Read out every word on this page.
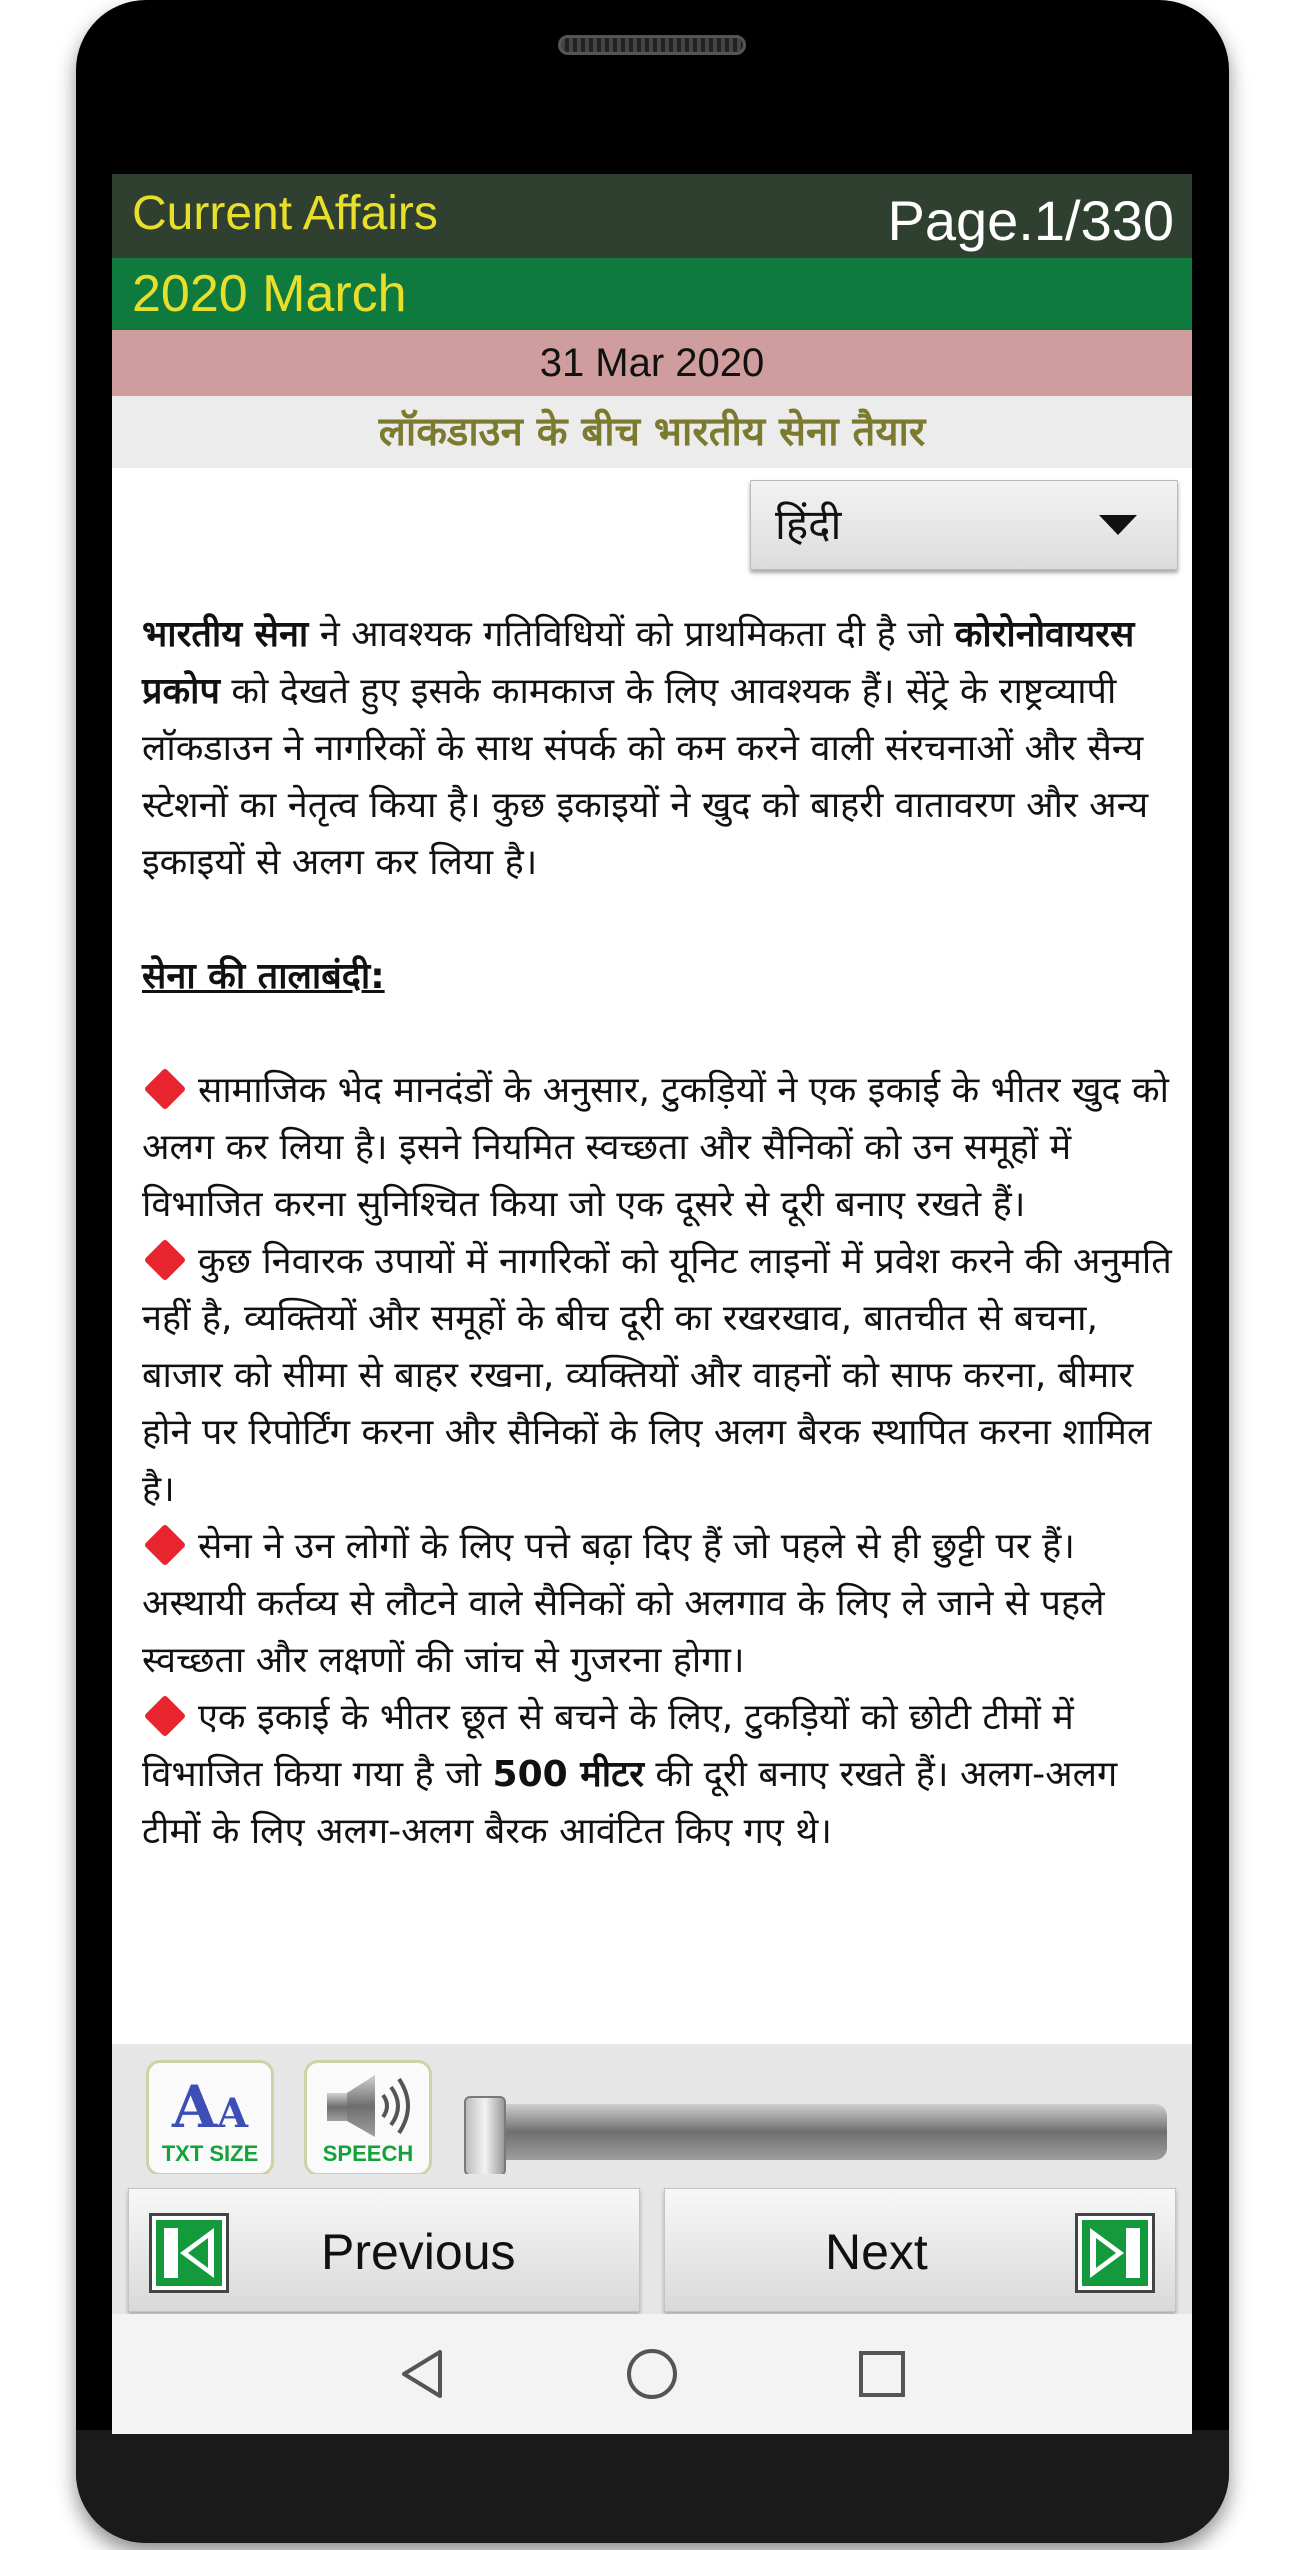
Current Affairs	Page.1/330
2020 March
31 Mar 2020
लॉकडाउन के बीच भारतीय सेना तैयार
हिंदी

भारतीय सेना ने आवश्यक गतिविधियों को प्राथमिकता दी है जो कोरोनोवायरस प्रकोप को देखते हुए इसके कामकाज के लिए आवश्यक हैं। सेंट्रे के राष्ट्रव्यापी लॉकडाउन ने नागरिकों के साथ संपर्क को कम करने वाली संरचनाओं और सैन्य स्टेशनों का नेतृत्व किया है। कुछ इकाइयों ने खुद को बाहरी वातावरण और अन्य इकाइयों से अलग कर लिया है।

सेना की तालाबंदी:

सामाजिक भेद मानदंडों के अनुसार, टुकड़ियों ने एक इकाई के भीतर खुद को अलग कर लिया है। इसने नियमित स्वच्छता और सैनिकों को उन समूहों में विभाजित करना सुनिश्चित किया जो एक दूसरे से दूरी बनाए रखते हैं।

कुछ निवारक उपायों में नागरिकों को यूनिट लाइनों में प्रवेश करने की अनुमति नहीं है, व्यक्तियों और समूहों के बीच दूरी का रखरखाव, बातचीत से बचना, बाजार को सीमा से बाहर रखना, व्यक्तियों और वाहनों को साफ करना, बीमार होने पर रिपोर्टिंग करना और सैनिकों के लिए अलग बैरक स्थापित करना शामिल है।

सेना ने उन लोगों के लिए पत्ते बढ़ा दिए हैं जो पहले से ही छुट्टी पर हैं। अस्थायी कर्तव्य से लौटने वाले सैनिकों को अलगाव के लिए ले जाने से पहले स्वच्छता और लक्षणों की जांच से गुजरना होगा।

एक इकाई के भीतर छूत से बचने के लिए, टुकड़ियों को छोटी टीमों में विभाजित किया गया है जो 500 मीटर की दूरी बनाए रखते हैं। अलग-अलग टीमों के लिए अलग-अलग बैरक आवंटित किए गए थे।

AA
TXT SIZE	SPEECH
Previous	Next
